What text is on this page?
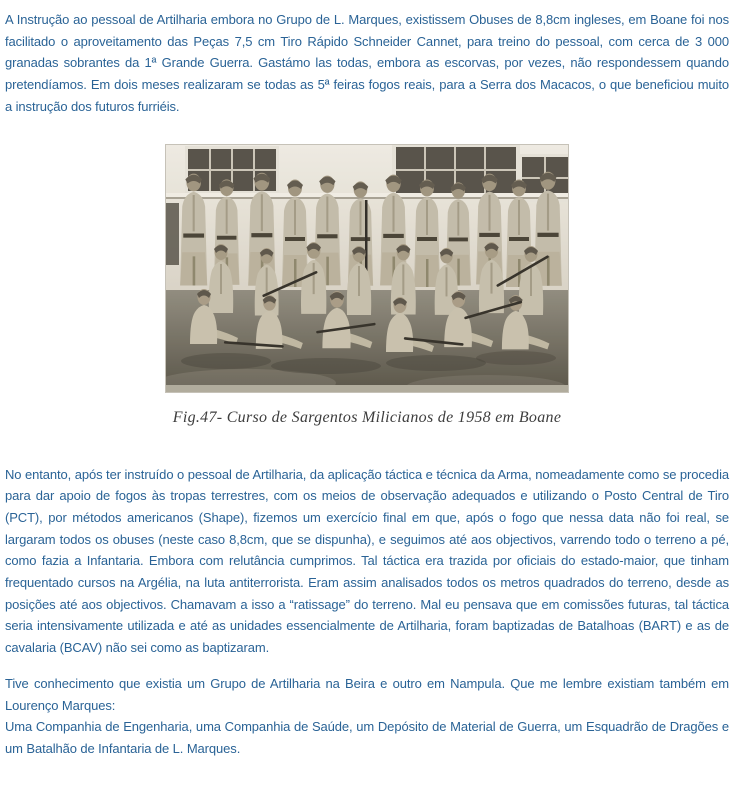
A Instrução ao pessoal de Artilharia embora no Grupo de L. Marques, existissem Obuses de 8,8cm ingleses, em Boane foi nos facilitado o aproveitamento das Peças 7,5 cm Tiro Rápido Schneider Cannet, para treino do pessoal, com cerca de 3 000 granadas sobrantes da 1ª Grande Guerra. Gastámo las todas, embora as escorvas, por vezes, não respondessem quando pretendíamos. Em dois meses realizaram se todas as 5ª feiras fogos reais, para a Serra dos Macacos, o que beneficiou muito a instrução dos futuros furriéis.

Fig.47- Curso de Sargentos Milicianos de 1958 em Boane

No entanto, após ter instruído o pessoal de Artilharia, da aplicação táctica e técnica da Arma, nomeadamente como se procedia para dar apoio de fogos às tropas terrestres, com os meios de observação adequados e utilizando o Posto Central de Tiro (PCT), por métodos americanos (Shape), fizemos um exercício final em que, após o fogo que nessa data não foi real, se largaram todos os obuses (neste caso 8,8cm, que se dispunha), e seguimos até aos objectivos, varrendo todo o terreno a pé, como fazia a Infantaria. Embora com relutância cumprimos. Tal táctica era trazida por oficiais do estado-maior, que tinham frequentado cursos na Argélia, na luta antiterrorista. Eram assim analisados todos os metros quadrados do terreno, desde as posições até aos objectivos. Chamavam a isso a “ratissage” do terreno. Mal eu pensava que em comissões futuras, tal táctica seria intensivamente utilizada e até as unidades essencialmente de Artilharia, foram baptizadas de Batalhoas (BART) e as de cavalaria (BCAV) não sei como as baptizaram.

Tive conhecimento que existia um Grupo de Artilharia na Beira e outro em Nampula. Que me lembre existiam também em Lourenço Marques:
Uma Companhia de Engenharia, uma Companhia de Saúde, um Depósito de Material de Guerra, um Esquadrão de Dragões e um Batalhão de Infantaria de L. Marques.
